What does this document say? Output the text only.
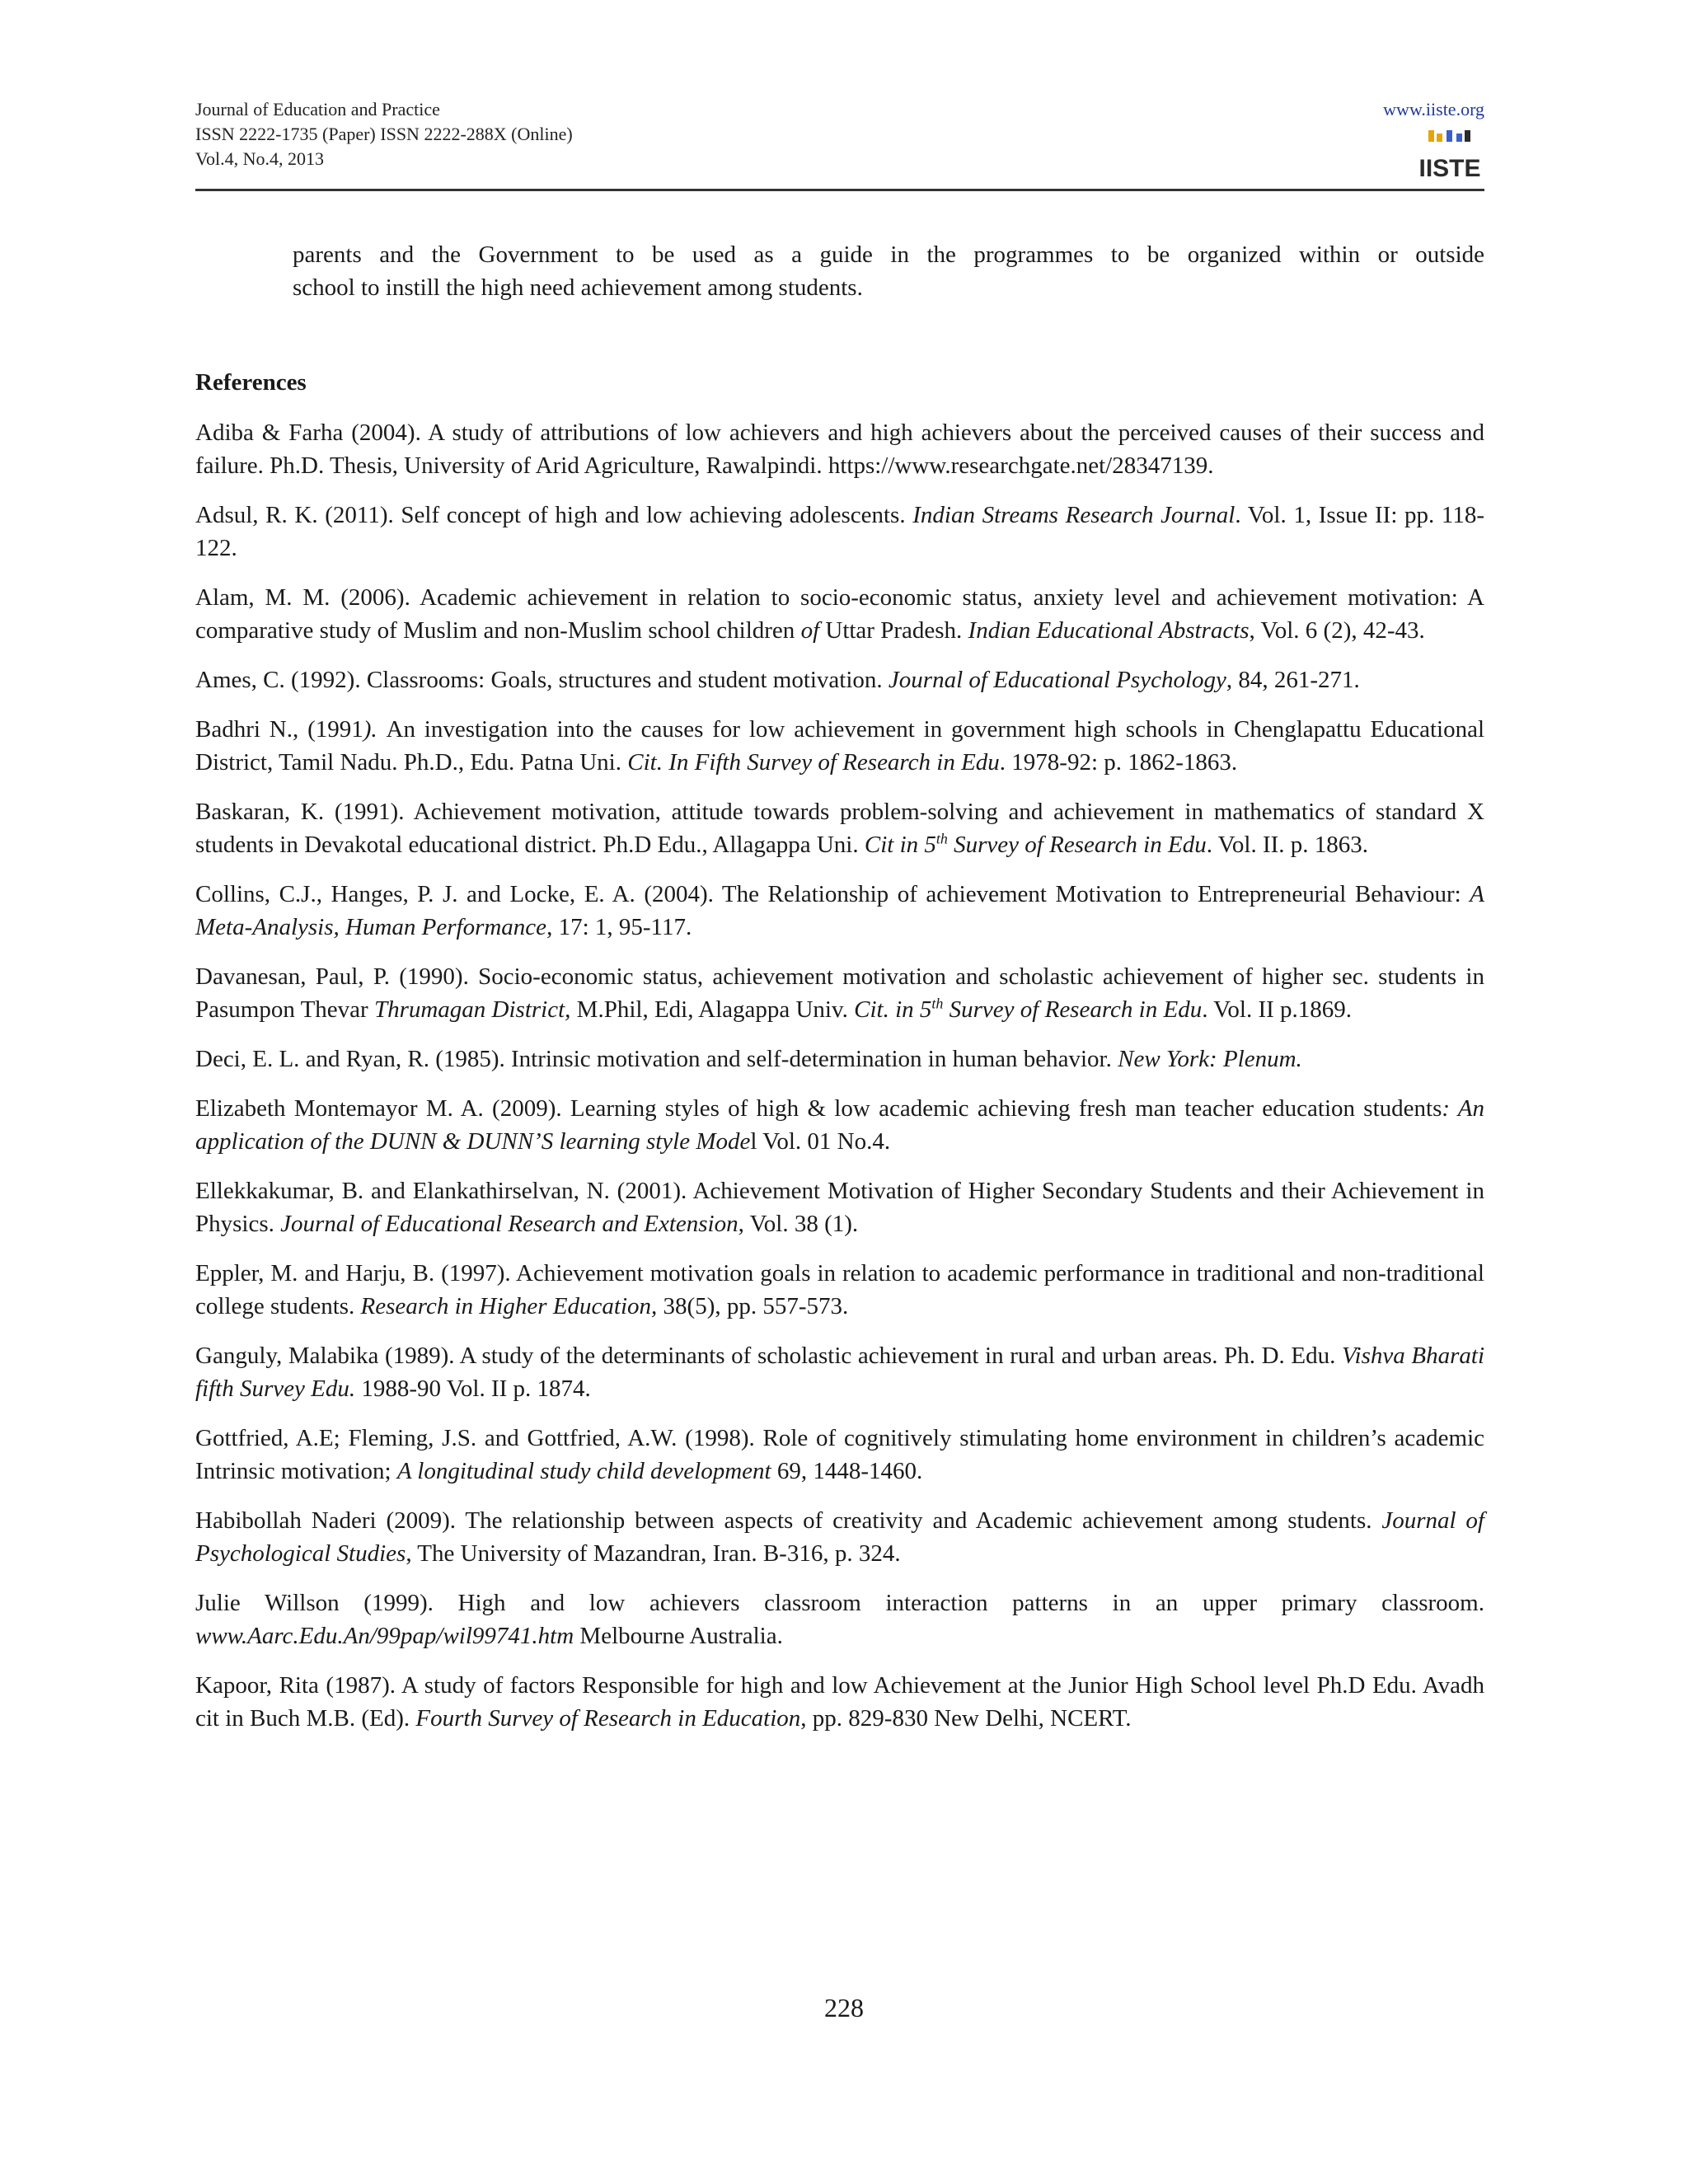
Journal of Education and Practice
ISSN 2222-1735 (Paper) ISSN 2222-288X (Online)
Vol.4, No.4, 2013
www.iiste.org
IISTE
parents and the Government to be used as a guide in the programmes to be organized within or outside
school to instill the high need achievement among students.
References

Adiba & Farha (2004). A study of attributions of low achievers and high achievers about the perceived causes of their success and failure. Ph.D. Thesis, University of Arid Agriculture, Rawalpindi. https://www.researchgate.net/28347139.

Adsul, R. K. (2011). Self concept of high and low achieving adolescents. Indian Streams Research Journal. Vol. 1, Issue II: pp. 118-122.

Alam, M. M. (2006). Academic achievement in relation to socio-economic status, anxiety level and achievement motivation: A comparative study of Muslim and non-Muslim school children of Uttar Pradesh. Indian Educational Abstracts, Vol. 6 (2), 42-43.

Ames, C. (1992). Classrooms: Goals, structures and student motivation. Journal of Educational Psychology, 84, 261-271.

Badhri N., (1991). An investigation into the causes for low achievement in government high schools in Chenglapattu Educational District, Tamil Nadu. Ph.D., Edu. Patna Uni. Cit. In Fifth Survey of Research in Edu. 1978-92: p. 1862-1863.

Baskaran, K. (1991). Achievement motivation, attitude towards problem-solving and achievement in mathematics of standard X students in Devakotal educational district. Ph.D Edu., Allagappa Uni. Cit in 5th Survey of Research in Edu. Vol. II. p. 1863.

Collins, C.J., Hanges, P. J. and Locke, E. A. (2004). The Relationship of achievement Motivation to Entrepreneurial Behaviour: A Meta-Analysis, Human Performance, 17: 1, 95-117.

Davanesan, Paul, P. (1990). Socio-economic status, achievement motivation and scholastic achievement of higher sec. students in Pasumpon Thevar Thrumagan District, M.Phil, Edi, Alagappa Univ. Cit. in 5th Survey of Research in Edu. Vol. II p.1869.

Deci, E. L. and Ryan, R. (1985). Intrinsic motivation and self-determination in human behavior. New York: Plenum.

Elizabeth Montemayor M. A. (2009). Learning styles of high & low academic achieving fresh man teacher education students: An application of the DUNN & DUNN’S learning style Model Vol. 01 No.4.

Ellekkakumar, B. and Elankathirselvan, N. (2001). Achievement Motivation of Higher Secondary Students and their Achievement in Physics. Journal of Educational Research and Extension, Vol. 38 (1).

Eppler, M. and Harju, B. (1997). Achievement motivation goals in relation to academic performance in traditional and non-traditional college students. Research in Higher Education, 38(5), pp. 557-573.

Ganguly, Malabika (1989). A study of the determinants of scholastic achievement in rural and urban areas. Ph. D. Edu. Vishva Bharati fifth Survey Edu. 1988-90 Vol. II p. 1874.

Gottfried, A.E; Fleming, J.S. and Gottfried, A.W. (1998). Role of cognitively stimulating home environment in children’s academic Intrinsic motivation; A longitudinal study child development 69, 1448-1460.

Habibollah Naderi (2009). The relationship between aspects of creativity and Academic achievement among students. Journal of Psychological Studies, The University of Mazandran, Iran. B-316, p. 324.

Julie Willson (1999). High and low achievers classroom interaction patterns in an upper primary classroom. www.Aarc.Edu.An/99pap/wil99741.htm Melbourne Australia.

Kapoor, Rita (1987). A study of factors Responsible for high and low Achievement at the Junior High School level Ph.D Edu. Avadh cit in Buch M.B. (Ed). Fourth Survey of Research in Education, pp. 829-830 New Delhi, NCERT.

228
